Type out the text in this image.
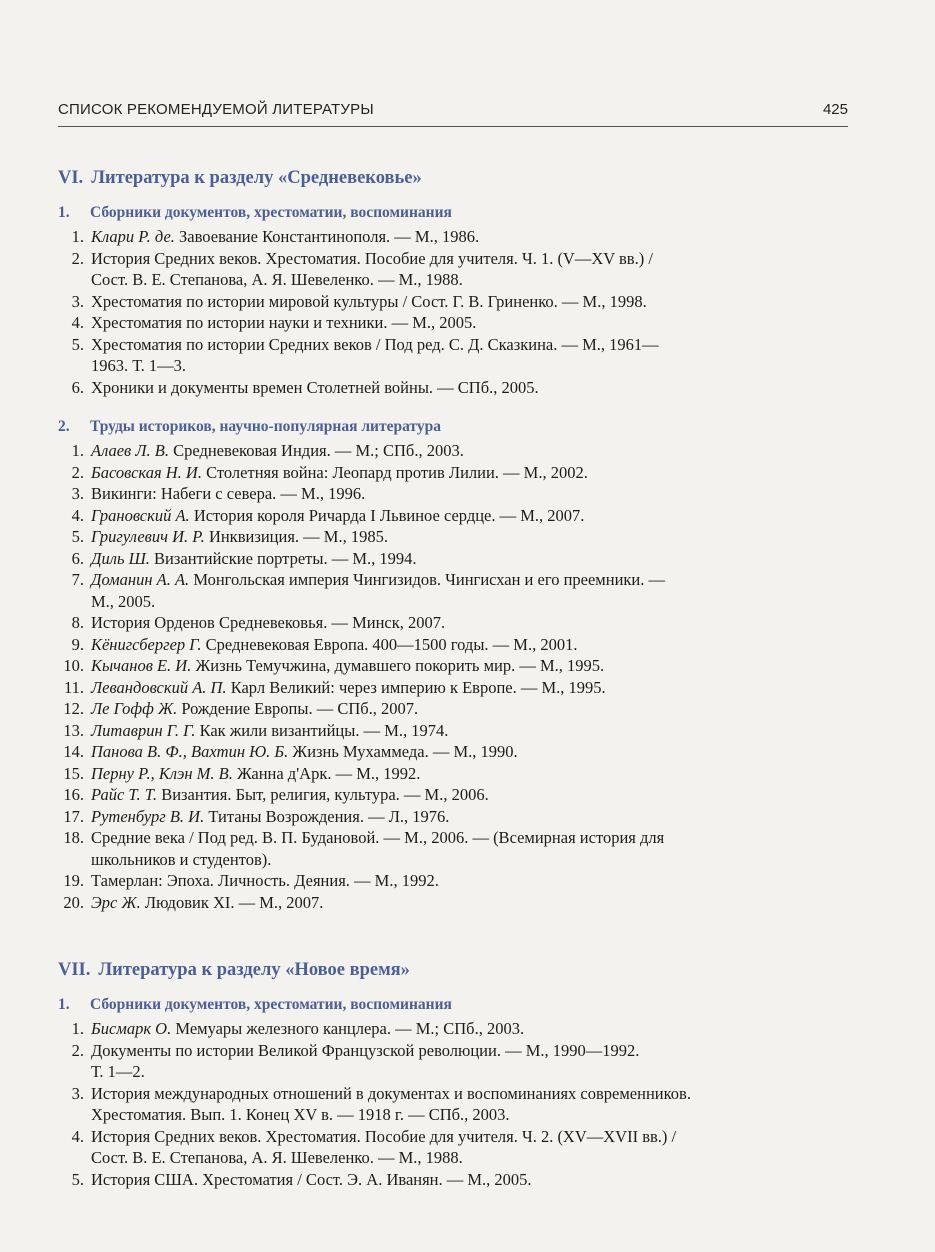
СПИСОК РЕКОМЕНДУЕМОЙ ЛИТЕРАТУРЫ	425
VI. Литература к разделу «Средневековье»
1. Сборники документов, хрестоматии, воспоминания
1. Клари Р. де. Завоевание Константинополя. — М., 1986.
2. История Средних веков. Хрестоматия. Пособие для учителя. Ч. 1. (V—XV вв.) /
Сост. В. Е. Степанова, А. Я. Шевеленко. — М., 1988.
3. Хрестоматия по истории мировой культуры / Сост. Г. В. Гриненко. — М., 1998.
4. Хрестоматия по истории науки и техники. — М., 2005.
5. Хрестоматия по истории Средних веков / Под ред. С. Д. Сказкина. — М., 1961—
1963. Т. 1—3.
6. Хроники и документы времен Столетней войны. — СПб., 2005.
2. Труды историков, научно-популярная литература
1. Алаев Л. В. Средневековая Индия. — М.; СПб., 2003.
2. Басовская Н. И. Столетняя война: Леопард против Лилии. — М., 2002.
3. Викинги: Набеги с севера. — М., 1996.
4. Грановский А. История короля Ричарда I Львиное сердце. — М., 2007.
5. Григулевич И. Р. Инквизиция. — М., 1985.
6. Диль Ш. Византийские портреты. — М., 1994.
7. Доманин А. А. Монгольская империя Чингизидов. Чингисхан и его преемники. —
М., 2005.
8. История Орденов Средневековья. — Минск, 2007.
9. Кёнигсбергер Г. Средневековая Европа. 400—1500 годы. — М., 2001.
10. Кычанов Е. И. Жизнь Темучжина, думавшего покорить мир. — М., 1995.
11. Левандовский А. П. Карл Великий: через империю к Европе. — М., 1995.
12. Ле Гофф Ж. Рождение Европы. — СПб., 2007.
13. Литаврин Г. Г. Как жили византийцы. — М., 1974.
14. Панова В. Ф., Вахтин Ю. Б. Жизнь Мухаммеда. — М., 1990.
15. Перну Р., Клэн М. В. Жанна д'Арк. — М., 1992.
16. Райс Т. Т. Византия. Быт, религия, культура. — М., 2006.
17. Рутенбург В. И. Титаны Возрождения. — Л., 1976.
18. Средние века / Под ред. В. П. Будановой. — М., 2006. — (Всемирная история для
школьников и студентов).
19. Тамерлан: Эпоха. Личность. Деяния. — М., 1992.
20. Эрс Ж. Людовик XI. — М., 2007.
VII. Литература к разделу «Новое время»
1. Сборники документов, хрестоматии, воспоминания
1. Бисмарк О. Мемуары железного канцлера. — М.; СПб., 2003.
2. Документы по истории Великой Французской революции. — М., 1990—1992.
Т. 1—2.
3. История международных отношений в документах и воспоминаниях современников.
Хрестоматия. Вып. 1. Конец XV в. — 1918 г. — СПб., 2003.
4. История Средних веков. Хрестоматия. Пособие для учителя. Ч. 2. (XV—XVII вв.) /
Сост. В. Е. Степанова, А. Я. Шевеленко. — М., 1988.
5. История США. Хрестоматия / Сост. Э. А. Иванян. — М., 2005.
